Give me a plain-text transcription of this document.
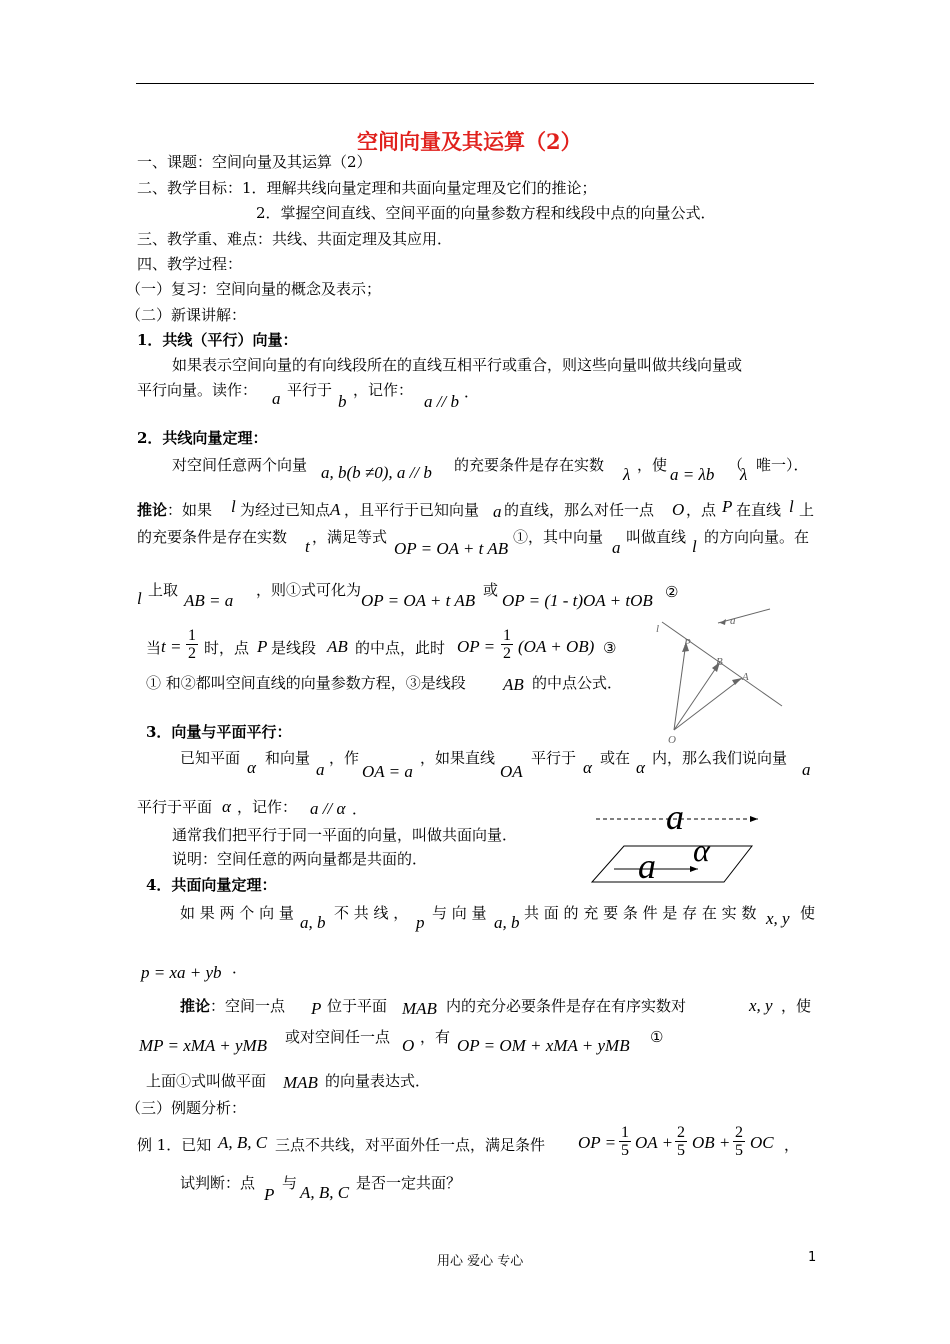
空间向量及其运算（2）
一、课题：空间向量及其运算（2）
二、教学目标：1．理解共线向量定理和共面向量定理及它们的推论；
2．掌握空间直线、空间平面的向量参数方程和线段中点的向量公式．
三、教学重、难点：共线、共面定理及其应用．
四、教学过程：
（一）复习：空间向量的概念及表示；
（二）新课讲解：
1．共线（平行）向量：
如果表示空间向量的有向线段所在的直线互相平行或重合，则这些向量叫做共线向量或
平行向量。读作： a 平行于
b
，记作：
a // b ．
2．共线向量定理：
对空间任意两个向量 a, b(b ≠0), a // b 的充要条件是存在实数 λ ，使 a = λb （
λ 唯一）．
推论 ：如果 l 为经过已知点 A ，且平行于已知向量 a 的直线，那么对任一点 O ，点 P 在直线 l 上
的充要条件是存在实数 t ，满足等式
OP = OA + t AB
①，其中向量
a
叫做直线 l 的方向向量。在
l 上取
AB = a
，则①式可化为
OP = OA + t AB
或
OP = (1 - t)OA + tOB ②
当 $t = \frac{1}{2}$ 时，点 P 是线段 AB 的中点，此时 OP = $\frac{1}{2} (OA + OB)$ ③
① 和②都叫空间直线的向量参数方程，③是线段 AB 的中点公式．
l
a
P
B
A
O
3．向量与平面平行：
已知平面 α 和向量
a
，作
OA = a
，如果直线
OA
平行于 α 或在 α 内，那么我们说向量
a
平行于平面 α ，记作： a // α ．
通常我们把平行于同一平面的向量，叫做共面向量．
说明：空间任意的两向量都是共面的．
a
α
a
4．共面向量定理：
如 果 两 个 向 量 a, b 不 共 线 ， p 与 向 量 a, b 共 面 的 充 要 条 件 是 存 在 实 数 x, y 使
p = xa + yb ．
推论 ：空间一点 P 位于平面 MAB 内的充分必要条件是存在有序实数对	x, y ，使
MP = xMA + yMB 或对空间任一点 O ，有 OP = OM + xMA + yMB ①
上面①式叫做平面 MAB 的向量表达式．
（三）例题分析：
例 1．已知 A, B, C 三点不共线，对平面外任一点，满足条件 OP = $\frac{1}{5}$ OA + $\frac{2}{5}$ OB + $\frac{2}{5}$ OC ，
试判断：点
P
与 A, B, C 是否一定共面？
用心 爱心 专心	1
